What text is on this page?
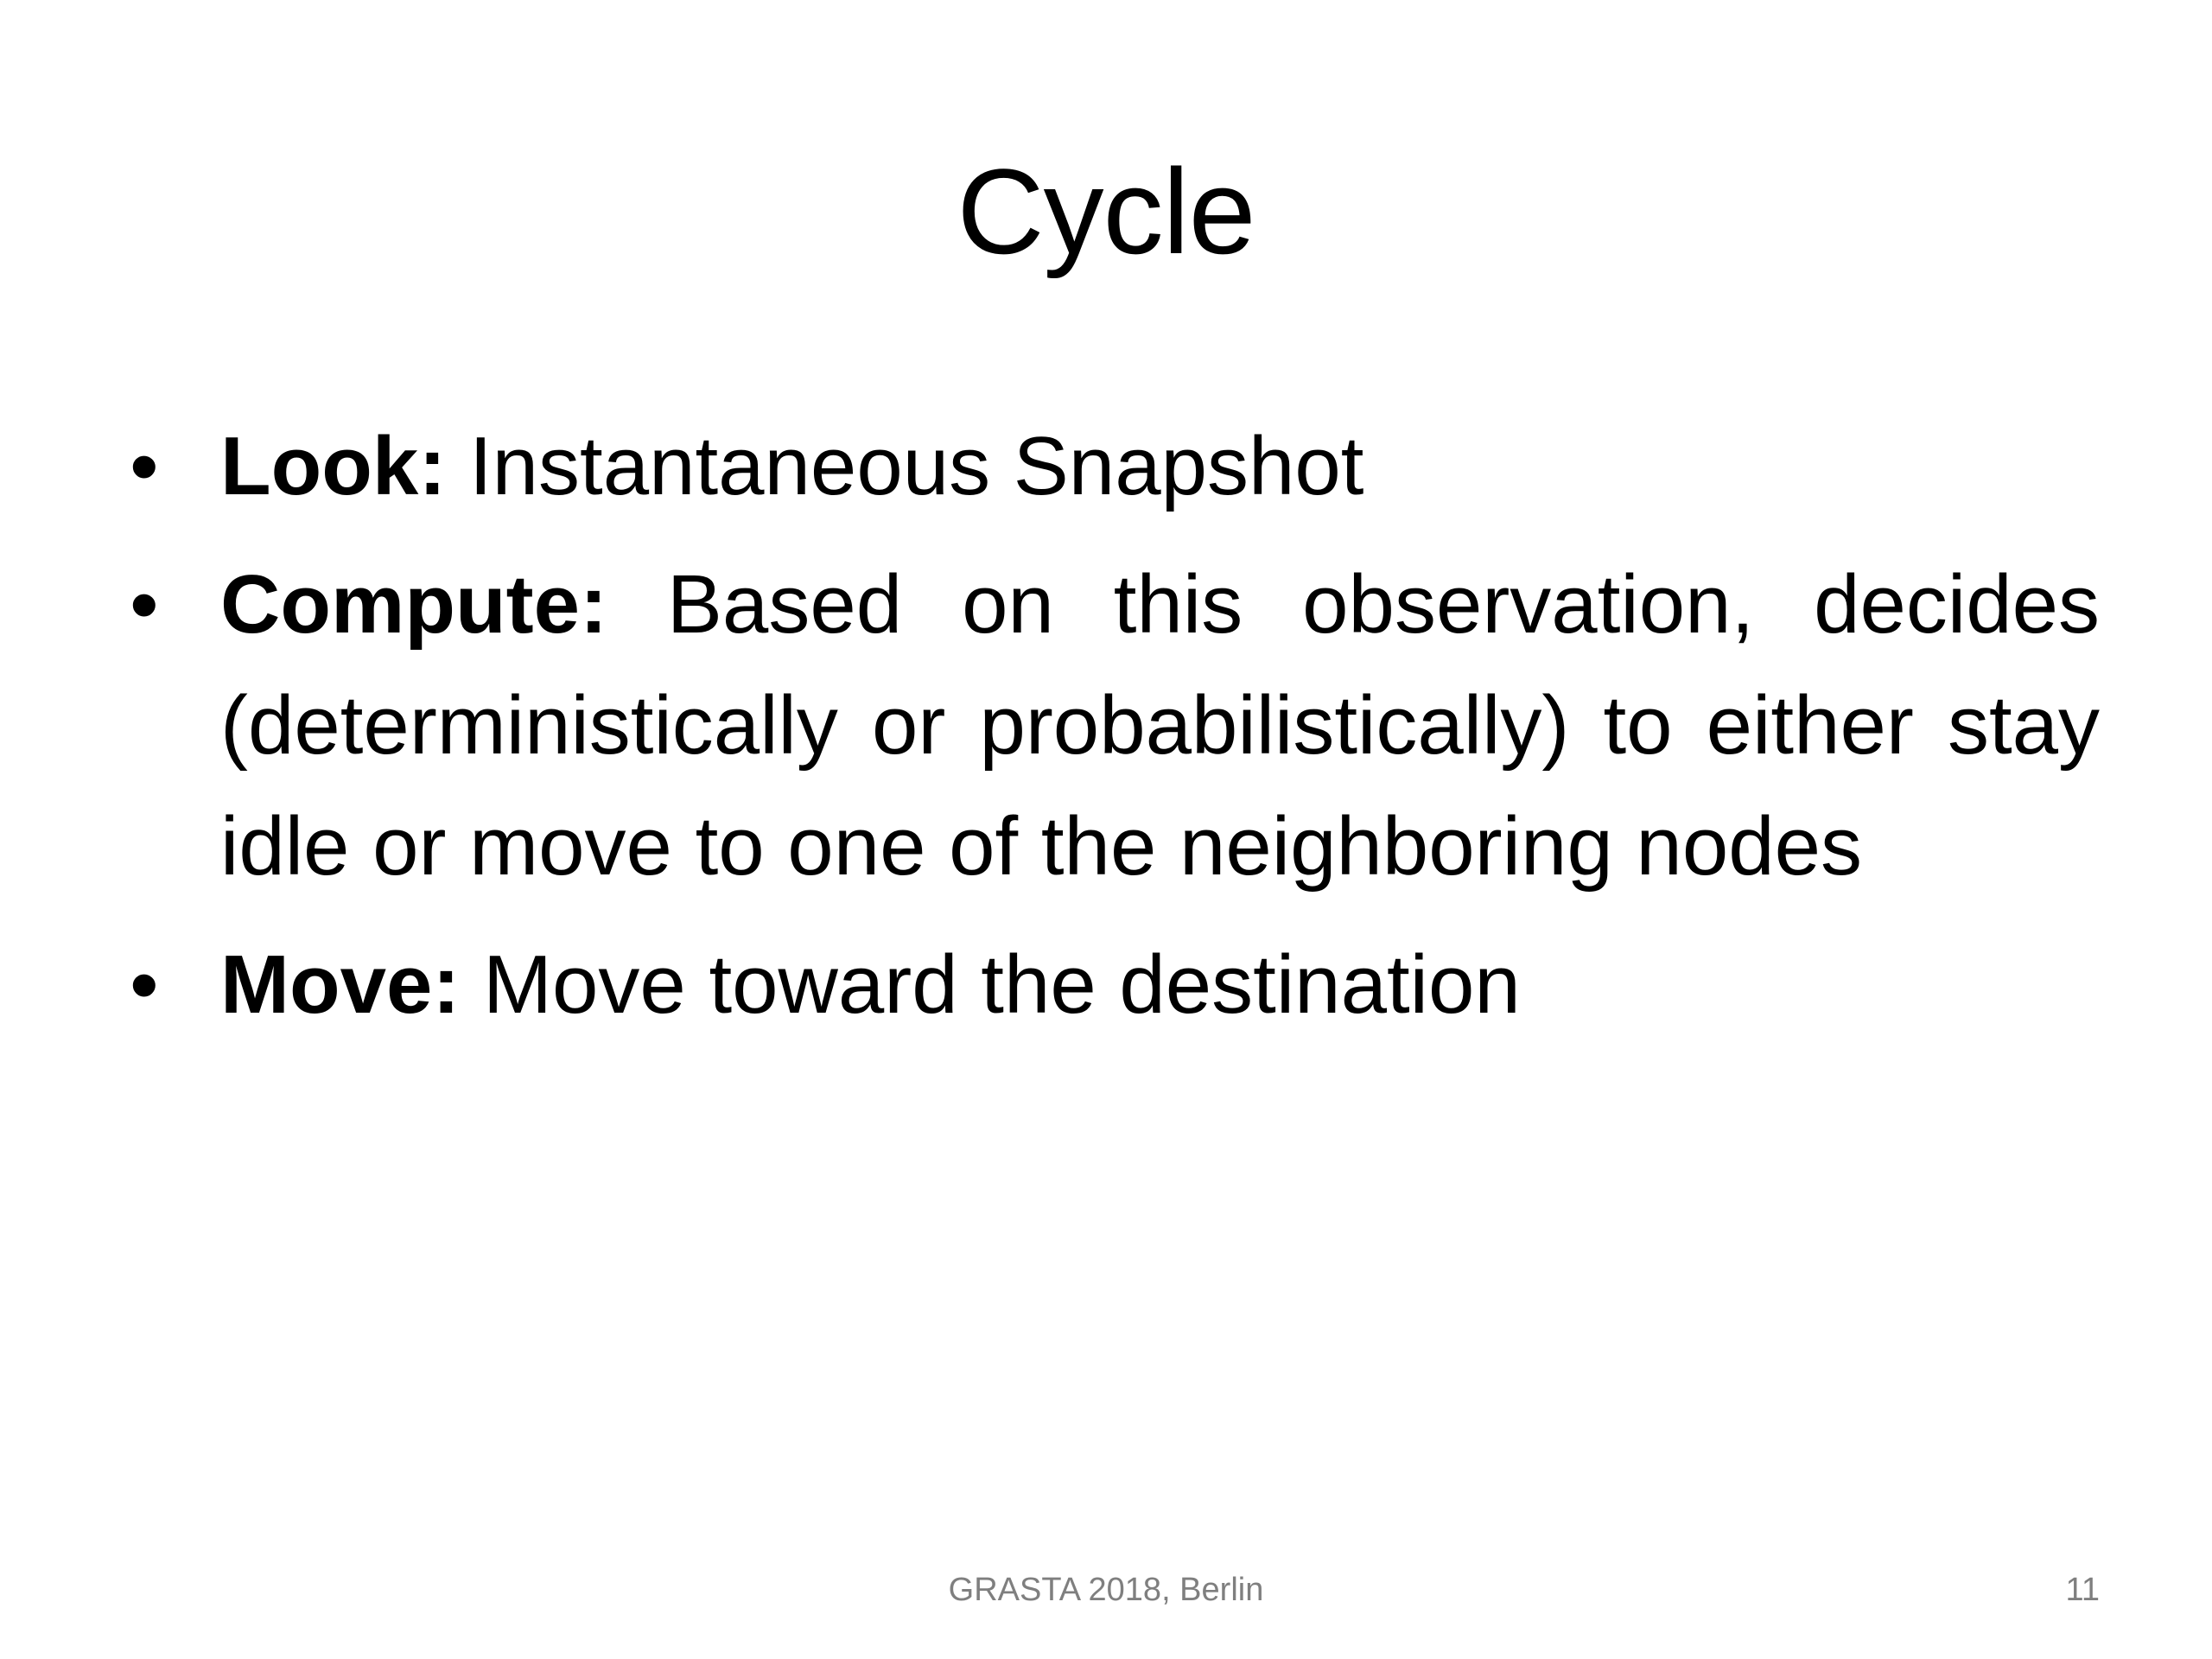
Cycle
• Look: Instantaneous Snapshot
• Compute: Based on this observation, decides (deterministically or probabilistically) to either stay idle or move to one of the neighboring nodes
• Move: Move toward the destination
GRASTA 2018, Berlin	11
